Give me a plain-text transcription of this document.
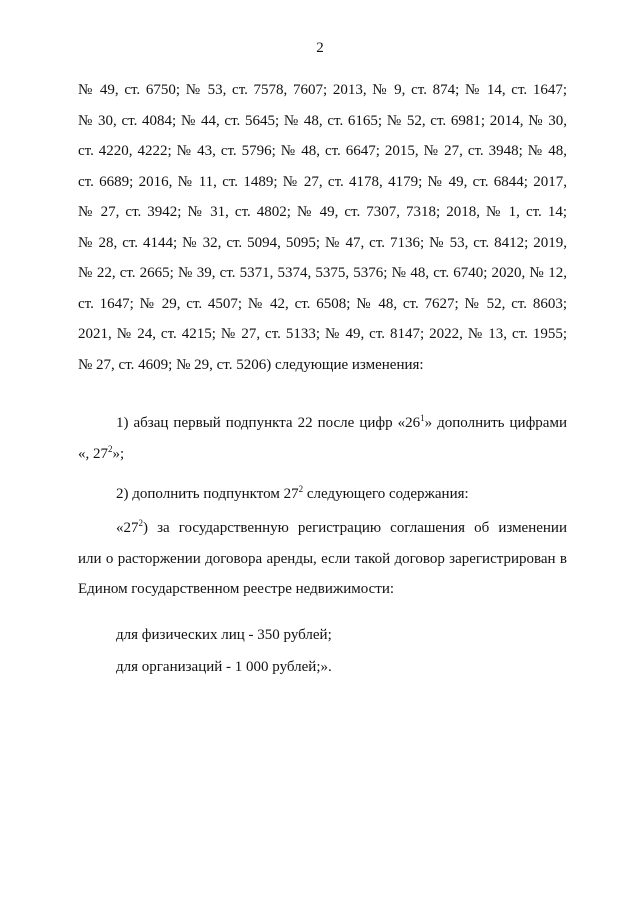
2
№ 49, ст. 6750; № 53, ст. 7578, 7607; 2013, № 9, ст. 874; № 14, ст. 1647;
№ 30, ст. 4084; № 44, ст. 5645; № 48, ст. 6165; № 52, ст. 6981; 2014, № 30,
ст. 4220, 4222; № 43, ст. 5796; № 48, ст. 6647; 2015, № 27, ст. 3948; № 48,
ст. 6689; 2016, № 11, ст. 1489; № 27, ст. 4178, 4179; № 49, ст. 6844; 2017,
№ 27, ст. 3942; № 31, ст. 4802; № 49, ст. 7307, 7318; 2018, № 1, ст. 14;
№ 28, ст. 4144; № 32, ст. 5094, 5095; № 47, ст. 7136; № 53, ст. 8412; 2019,
№ 22, ст. 2665; № 39, ст. 5371, 5374, 5375, 5376; № 48, ст. 6740; 2020, № 12,
ст. 1647; № 29, ст. 4507; № 42, ст. 6508; № 48, ст. 7627; № 52, ст. 8603;
2021, № 24, ст. 4215; № 27, ст. 5133; № 49, ст. 8147; 2022, № 13, ст. 1955;
№ 27, ст. 4609; № 29, ст. 5206) следующие изменения:
1) абзац первый подпункта 22 после цифр «$26^1$» дополнить цифрами
«, $27^2$»;
2) дополнить подпунктом $27^2$ следующего содержания:
«$27^2$) за государственную регистрацию соглашения об изменении
или о расторжении договора аренды, если такой договор зарегистрирован в
Едином государственном реестре недвижимости:
для физических лиц - 350 рублей;
для организаций - 1 000 рублей;».
